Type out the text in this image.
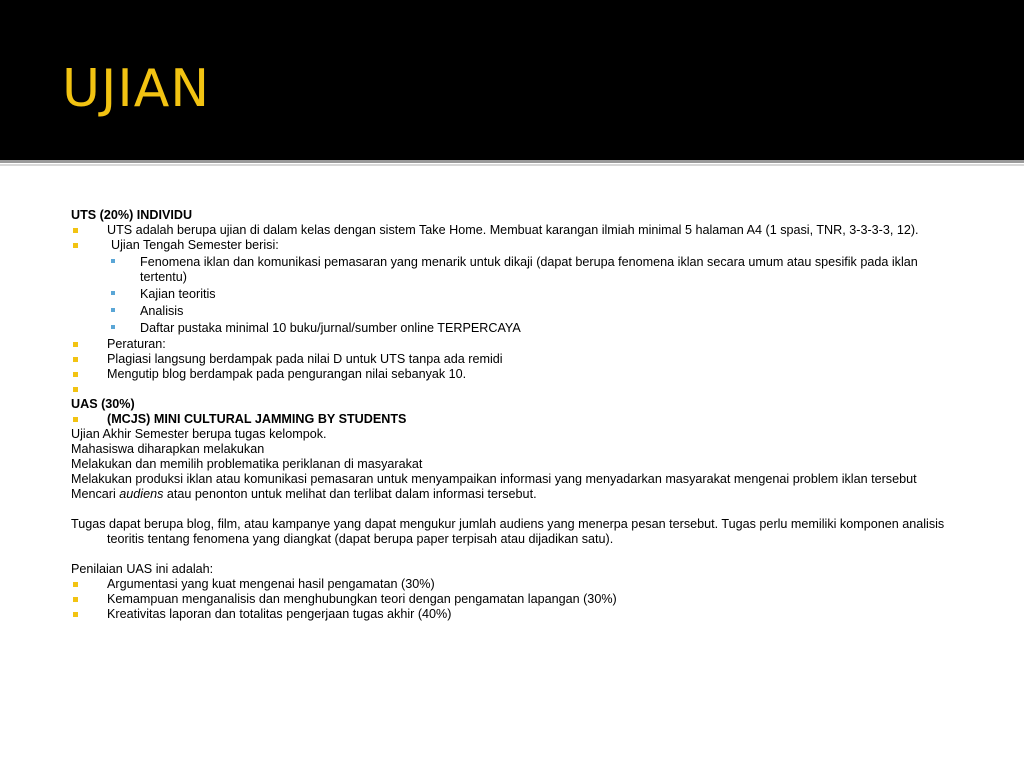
UJIAN

UTS (20%) INDIVIDU

UTS adalah berupa ujian di dalam kelas dengan sistem Take Home. Membuat karangan ilmiah minimal 5 halaman A4 (1 spasi, TNR, 3-3-3-3, 12).
Ujian Tengah Semester berisi:
Fenomena iklan dan komunikasi pemasaran yang menarik untuk dikaji (dapat berupa fenomena iklan secara umum atau spesifik pada iklan tertentu)
Kajian teoritis
Analisis
Daftar pustaka minimal 10 buku/jurnal/sumber online TERPERCAYA
Peraturan:
Plagiasi langsung berdampak pada nilai D untuk UTS tanpa ada remidi
Mengutip blog berdampak pada pengurangan nilai sebanyak 10.

UAS (30%)

(MCJS) MINI CULTURAL JAMMING BY STUDENTS

Ujian Akhir Semester berupa tugas kelompok.

Mahasiswa diharapkan melakukan

Melakukan dan memilih problematika periklanan di masyarakat

Melakukan produksi iklan atau komunikasi pemasaran untuk menyampaikan informasi yang menyadarkan masyarakat mengenai problem iklan tersebut

Mencari audiens atau penonton untuk melihat dan terlibat dalam informasi tersebut.

Tugas dapat berupa blog, film, atau kampanye yang dapat mengukur jumlah audiens yang menerpa pesan tersebut. Tugas perlu memiliki komponen analisis teoritis tentang fenomena yang diangkat (dapat berupa paper terpisah atau dijadikan satu).

Penilaian UAS ini adalah:

Argumentasi yang kuat mengenai hasil pengamatan (30%)
Kemampuan menganalisis dan menghubungkan teori dengan pengamatan lapangan (30%)
Kreativitas laporan dan totalitas pengerjaan tugas akhir (40%)
